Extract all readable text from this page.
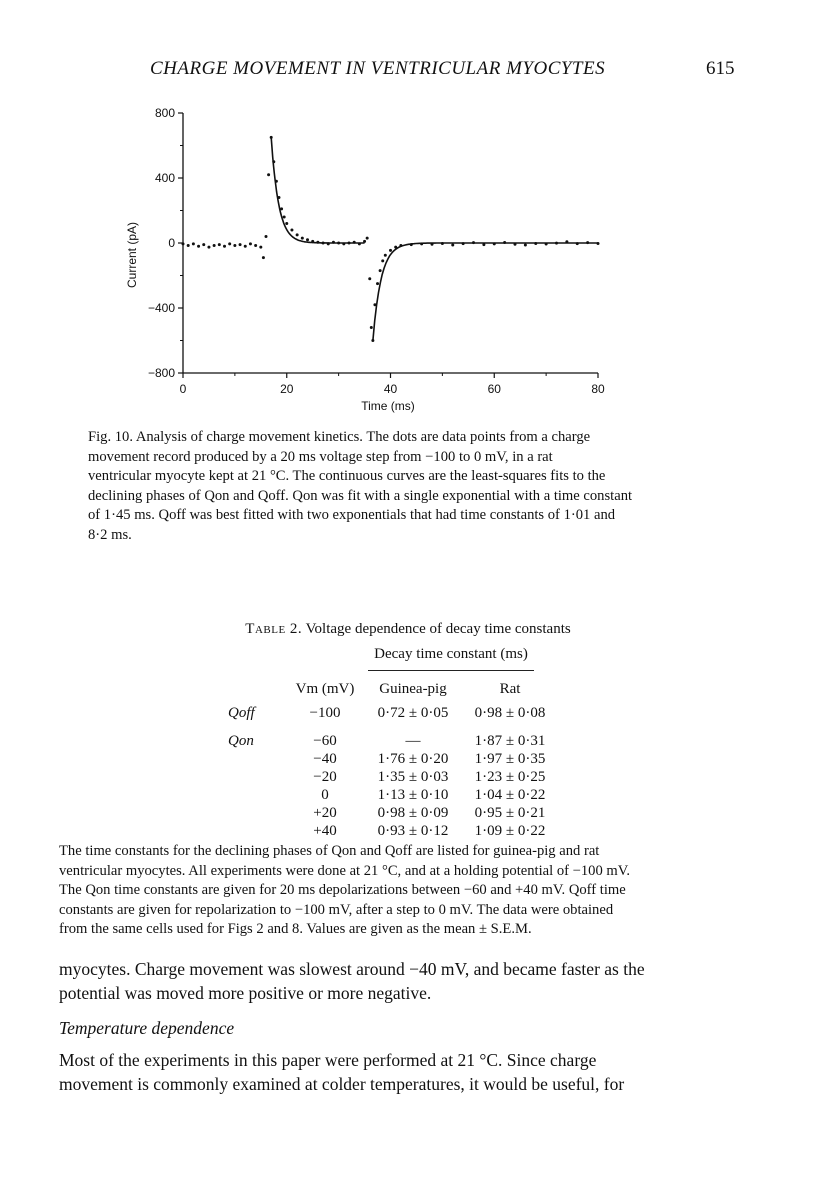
CHARGE MOVEMENT IN VENTRICULAR MYOCYTES	615
800
400
0
−400
−800
0	20	40	60	80
Current (pA)
Time (ms)
Fig. 10. Analysis of charge movement kinetics. The dots are data points from a charge
movement record produced by a 20 ms voltage step from −100 to 0 mV, in a rat
ventricular myocyte kept at 21 °C. The continuous curves are the least-squares fits to the
declining phases of Qon and Qoff. Qon was fit with a single exponential with a time constant
of 1·45 ms. Qoff was best fitted with two exponentials that had time constants of 1·01 and
8·2 ms.
Table 2. Voltage dependence of decay time constants
Decay time constant (ms)
Vm (mV)	Guinea-pig	Rat
Qoff	−100	0·72 ± 0·05	0·98 ± 0·08
Qon	−60	—	1·87 ± 0·31
−40	1·76 ± 0·20	1·97 ± 0·35
−20	1·35 ± 0·03	1·23 ± 0·25
0	1·13 ± 0·10	1·04 ± 0·22
+20	0·98 ± 0·09	0·95 ± 0·21
+40	0·93 ± 0·12	1·09 ± 0·22
The time constants for the declining phases of Qon and Qoff are listed for guinea-pig and rat
ventricular myocytes. All experiments were done at 21 °C, and at a holding potential of −100 mV.
The Qon time constants are given for 20 ms depolarizations between −60 and +40 mV. Qoff time
constants are given for repolarization to −100 mV, after a step to 0 mV. The data were obtained
from the same cells used for Figs 2 and 8. Values are given as the mean ± S.E.M.
myocytes. Charge movement was slowest around −40 mV, and became faster as the
potential was moved more positive or more negative.
Temperature dependence
Most of the experiments in this paper were performed at 21 °C. Since charge
movement is commonly examined at colder temperatures, it would be useful, for
